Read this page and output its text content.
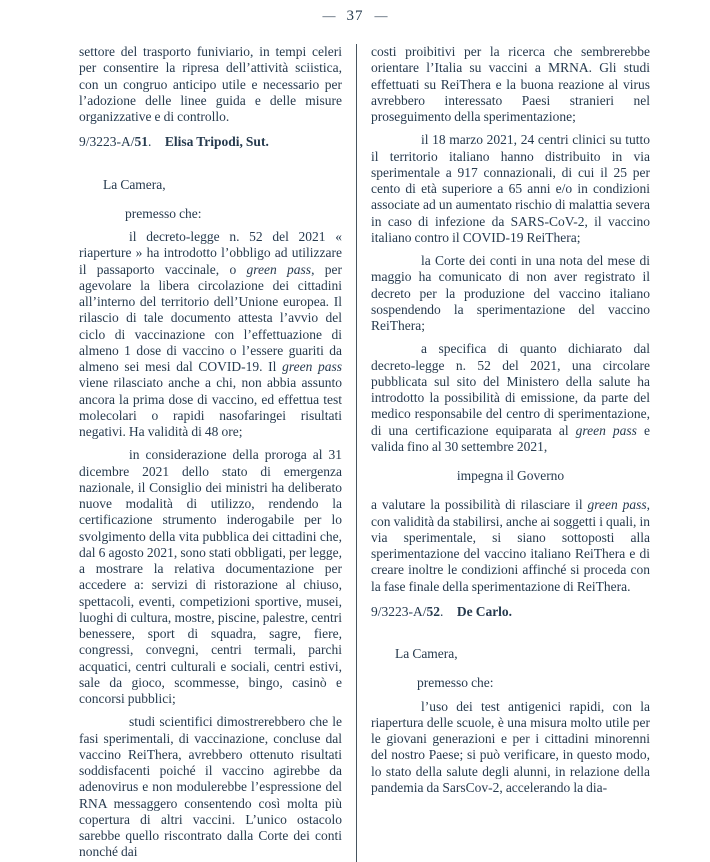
— 37 —

settore del trasporto funiviario, in tempi celeri per consentire la ripresa dell’attività sciistica, con un congruo anticipo utile e necessario per l’adozione delle linee guida e delle misure organizzative e di controllo.

9/3223-A/51.  Elisa Tripodi, Sut.

La Camera,

premesso che:

il decreto-legge n. 52 del 2021 « riaperture » ha introdotto l’obbligo ad utilizzare il passaporto vaccinale, o green pass, per agevolare la libera circolazione dei cittadini all’interno del territorio dell’Unione europea. Il rilascio di tale documento attesta l’avvio del ciclo di vaccinazione con l’effettuazione di almeno 1 dose di vaccino o l’essere guariti da almeno sei mesi dal COVID-19. Il green pass viene rilasciato anche a chi, non abbia assunto ancora la prima dose di vaccino, ed effettua test molecolari o rapidi nasofaringei risultati negativi. Ha validità di 48 ore;

in considerazione della proroga al 31 dicembre 2021 dello stato di emergenza nazionale, il Consiglio dei ministri ha deliberato nuove modalità di utilizzo, rendendo la certificazione strumento inderogabile per lo svolgimento della vita pubblica dei cittadini che, dal 6 agosto 2021, sono stati obbligati, per legge, a mostrare la relativa documentazione per accedere a: servizi di ristorazione al chiuso, spettacoli, eventi, competizioni sportive, musei, luoghi di cultura, mostre, piscine, palestre, centri benessere, sport di squadra, sagre, fiere, congressi, convegni, centri termali, parchi acquatici, centri culturali e sociali, centri estivi, sale da gioco, scommesse, bingo, casinò e concorsi pubblici;

studi scientifici dimostrerebbero che le fasi sperimentali, di vaccinazione, concluse dal vaccino ReiThera, avrebbero ottenuto risultati soddisfacenti poiché il vaccino agirebbe da adenovirus e non modulerebbe l’espressione del RNA messaggero consentendo così molta più copertura di altri vaccini. L’unico ostacolo sarebbe quello riscontrato dalla Corte dei conti nonché dai

costi proibitivi per la ricerca che sembrerebbe orientare l’Italia su vaccini a MRNA. Gli studi effettuati su ReiThera e la buona reazione al virus avrebbero interessato Paesi stranieri nel proseguimento della sperimentazione;

il 18 marzo 2021, 24 centri clinici su tutto il territorio italiano hanno distribuito in via sperimentale a 917 connazionali, di cui il 25 per cento di età superiore a 65 anni e/o in condizioni associate ad un aumentato rischio di malattia severa in caso di infezione da SARS-CoV-2, il vaccino italiano contro il COVID-19 ReiThera;

la Corte dei conti in una nota del mese di maggio ha comunicato di non aver registrato il decreto per la produzione del vaccino italiano sospendendo la sperimentazione del vaccino ReiThera;

a specifica di quanto dichiarato dal decreto-legge n. 52 del 2021, una circolare pubblicata sul sito del Ministero della salute ha introdotto la possibilità di emissione, da parte del medico responsabile del centro di sperimentazione, di una certificazione equiparata al green pass e valida fino al 30 settembre 2021,

impegna il Governo

a valutare la possibilità di rilasciare il green pass, con validità da stabilirsi, anche ai soggetti i quali, in via sperimentale, si siano sottoposti alla sperimentazione del vaccino italiano ReiThera e di creare inoltre le condizioni affinché si proceda con la fase finale della sperimentazione di ReiThera.

9/3223-A/52.  De Carlo.

La Camera,

premesso che:

l’uso dei test antigenici rapidi, con la riapertura delle scuole, è una misura molto utile per le giovani generazioni e per i cittadini minorenni del nostro Paese; si può verificare, in questo modo, lo stato della salute degli alunni, in relazione della pandemia da SarsCov-2, accelerando la dia-
